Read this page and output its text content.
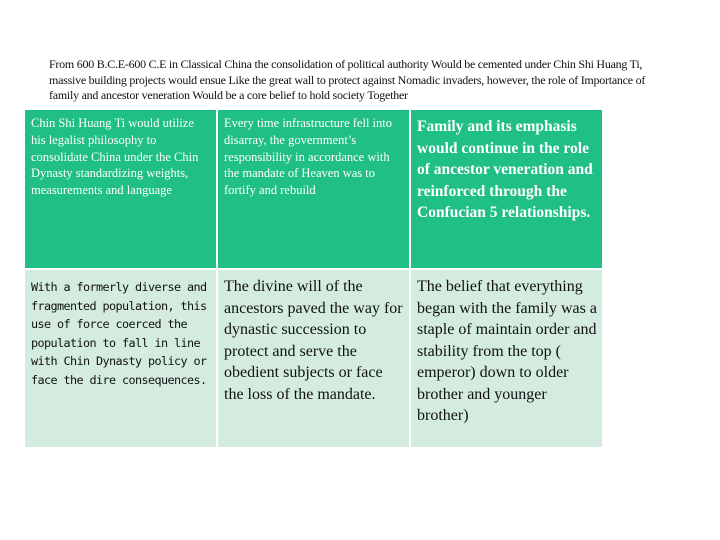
From 600 B.C.E-600 C.E in Classical China the consolidation of political authority Would be cemented under Chin Shi Huang Ti, massive building projects would ensue Like the great wall to protect against Nomadic invaders, however, the role of Importance of family and ancestor veneration Would be a core belief to hold society Together
Chin Shi Huang Ti would utilize his legalist philosophy to consolidate China under the Chin Dynasty standardizing weights, measurements and language
Every time infrastructure fell into disarray, the government’s responsibility in accordance with the mandate of Heaven was to fortify and rebuild
Family and its emphasis would continue in the role of ancestor veneration and reinforced through the Confucian 5 relationships.
With a formerly diverse and fragmented population, this use of force coerced the population to fall in line with Chin Dynasty policy or face the dire consequences.
The divine will of the ancestors paved the way for dynastic succession to protect and serve the obedient subjects or face the loss of the mandate.
The belief that everything began with the family was a staple of maintain order and stability from the top ( emperor) down to older brother and younger brother)
